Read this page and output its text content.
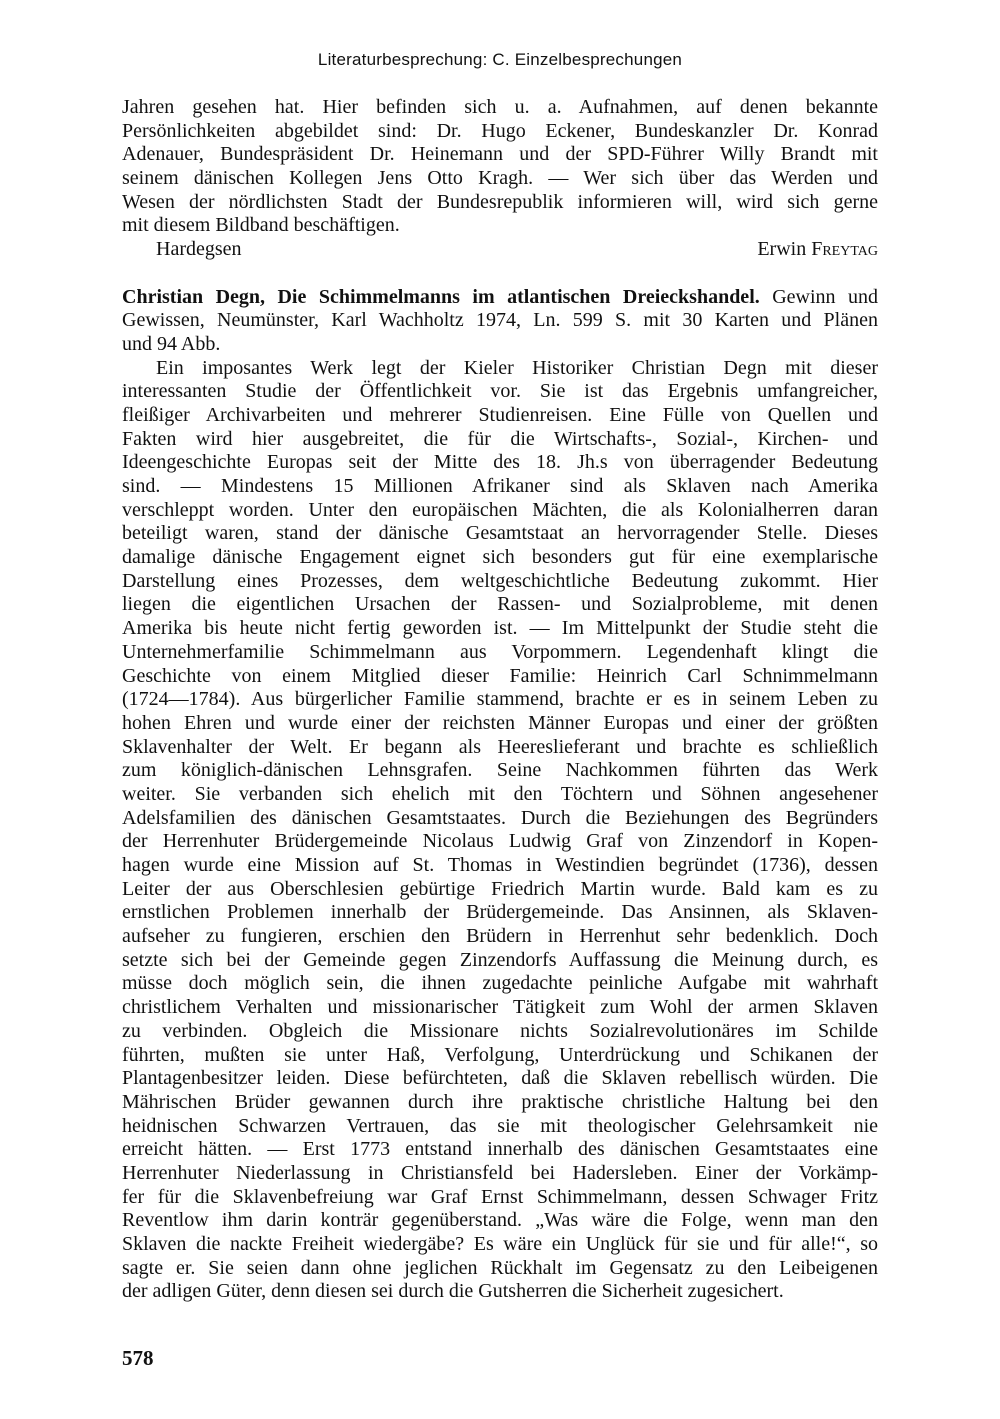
Literaturbesprechung: C. Einzelbesprechungen
Jahren gesehen hat. Hier befinden sich u. a. Aufnahmen, auf denen bekannte
Persönlichkeiten abgebildet sind: Dr. Hugo Eckener, Bundeskanzler Dr. Konrad
Adenauer, Bundespräsident Dr. Heinemann und der SPD-Führer Willy Brandt mit
seinem dänischen Kollegen Jens Otto Kragh. — Wer sich über das Werden und
Wesen der nördlichsten Stadt der Bundesrepublik informieren will, wird sich gerne
mit diesem Bildband beschäftigen.
Hardegsen	Erwin Freytag
Christian Degn, Die Schimmelmanns im atlantischen Dreieckshandel. Gewinn und
Gewissen, Neumünster, Karl Wachholtz 1974, Ln. 599 S. mit 30 Karten und Plänen
und 94 Abb.
Ein imposantes Werk legt der Kieler Historiker Christian Degn mit dieser
interessanten Studie der Öffentlichkeit vor. Sie ist das Ergebnis umfangreicher,
fleißiger Archivarbeiten und mehrerer Studienreisen. Eine Fülle von Quellen und
Fakten wird hier ausgebreitet, die für die Wirtschafts-, Sozial-, Kirchen- und
Ideengeschichte Europas seit der Mitte des 18. Jh.s von überragender Bedeutung
sind. — Mindestens 15 Millionen Afrikaner sind als Sklaven nach Amerika
verschleppt worden. Unter den europäischen Mächten, die als Kolonialherren daran
beteiligt waren, stand der dänische Gesamtstaat an hervorragender Stelle. Dieses
damalige dänische Engagement eignet sich besonders gut für eine exemplarische
Darstellung eines Prozesses, dem weltgeschichtliche Bedeutung zukommt. Hier
liegen die eigentlichen Ursachen der Rassen- und Sozialprobleme, mit denen
Amerika bis heute nicht fertig geworden ist. — Im Mittelpunkt der Studie steht die
Unternehmerfamilie Schimmelmann aus Vorpommern. Legendenhaft klingt die
Geschichte von einem Mitglied dieser Familie: Heinrich Carl Schnimmelmann
(1724—1784). Aus bürgerlicher Familie stammend, brachte er es in seinem Leben zu
hohen Ehren und wurde einer der reichsten Männer Europas und einer der größten
Sklavenhalter der Welt. Er begann als Heereslieferant und brachte es schließlich
zum königlich-dänischen Lehnsgrafen. Seine Nachkommen führten das Werk
weiter. Sie verbanden sich ehelich mit den Töchtern und Söhnen angesehener
Adelsfamilien des dänischen Gesamtstaates. Durch die Beziehungen des Begründers
der Herrenhuter Brüdergemeinde Nicolaus Ludwig Graf von Zinzendorf in Kopen-
hagen wurde eine Mission auf St. Thomas in Westindien begründet (1736), dessen
Leiter der aus Oberschlesien gebürtige Friedrich Martin wurde. Bald kam es zu
ernstlichen Problemen innerhalb der Brüdergemeinde. Das Ansinnen, als Sklaven-
aufseher zu fungieren, erschien den Brüdern in Herrenhut sehr bedenklich. Doch
setzte sich bei der Gemeinde gegen Zinzendorfs Auffassung die Meinung durch, es
müsse doch möglich sein, die ihnen zugedachte peinliche Aufgabe mit wahrhaft
christlichem Verhalten und missionarischer Tätigkeit zum Wohl der armen Sklaven
zu verbinden. Obgleich die Missionare nichts Sozialrevolutionäres im Schilde
führten, mußten sie unter Haß, Verfolgung, Unterdrückung und Schikanen der
Plantagenbesitzer leiden. Diese befürchteten, daß die Sklaven rebellisch würden. Die
Mährischen Brüder gewannen durch ihre praktische christliche Haltung bei den
heidnischen Schwarzen Vertrauen, das sie mit theologischer Gelehrsamkeit nie
erreicht hätten. — Erst 1773 entstand innerhalb des dänischen Gesamtstaates eine
Herrenhuter Niederlassung in Christiansfeld bei Hadersleben. Einer der Vorkämp-
fer für die Sklavenbefreiung war Graf Ernst Schimmelmann, dessen Schwager Fritz
Reventlow ihm darin konträr gegenüberstand. „Was wäre die Folge, wenn man den
Sklaven die nackte Freiheit wiedergäbe? Es wäre ein Unglück für sie und für alle!“, so
sagte er. Sie seien dann ohne jeglichen Rückhalt im Gegensatz zu den Leibeigenen
der adligen Güter, denn diesen sei durch die Gutsherren die Sicherheit zugesichert.
578
